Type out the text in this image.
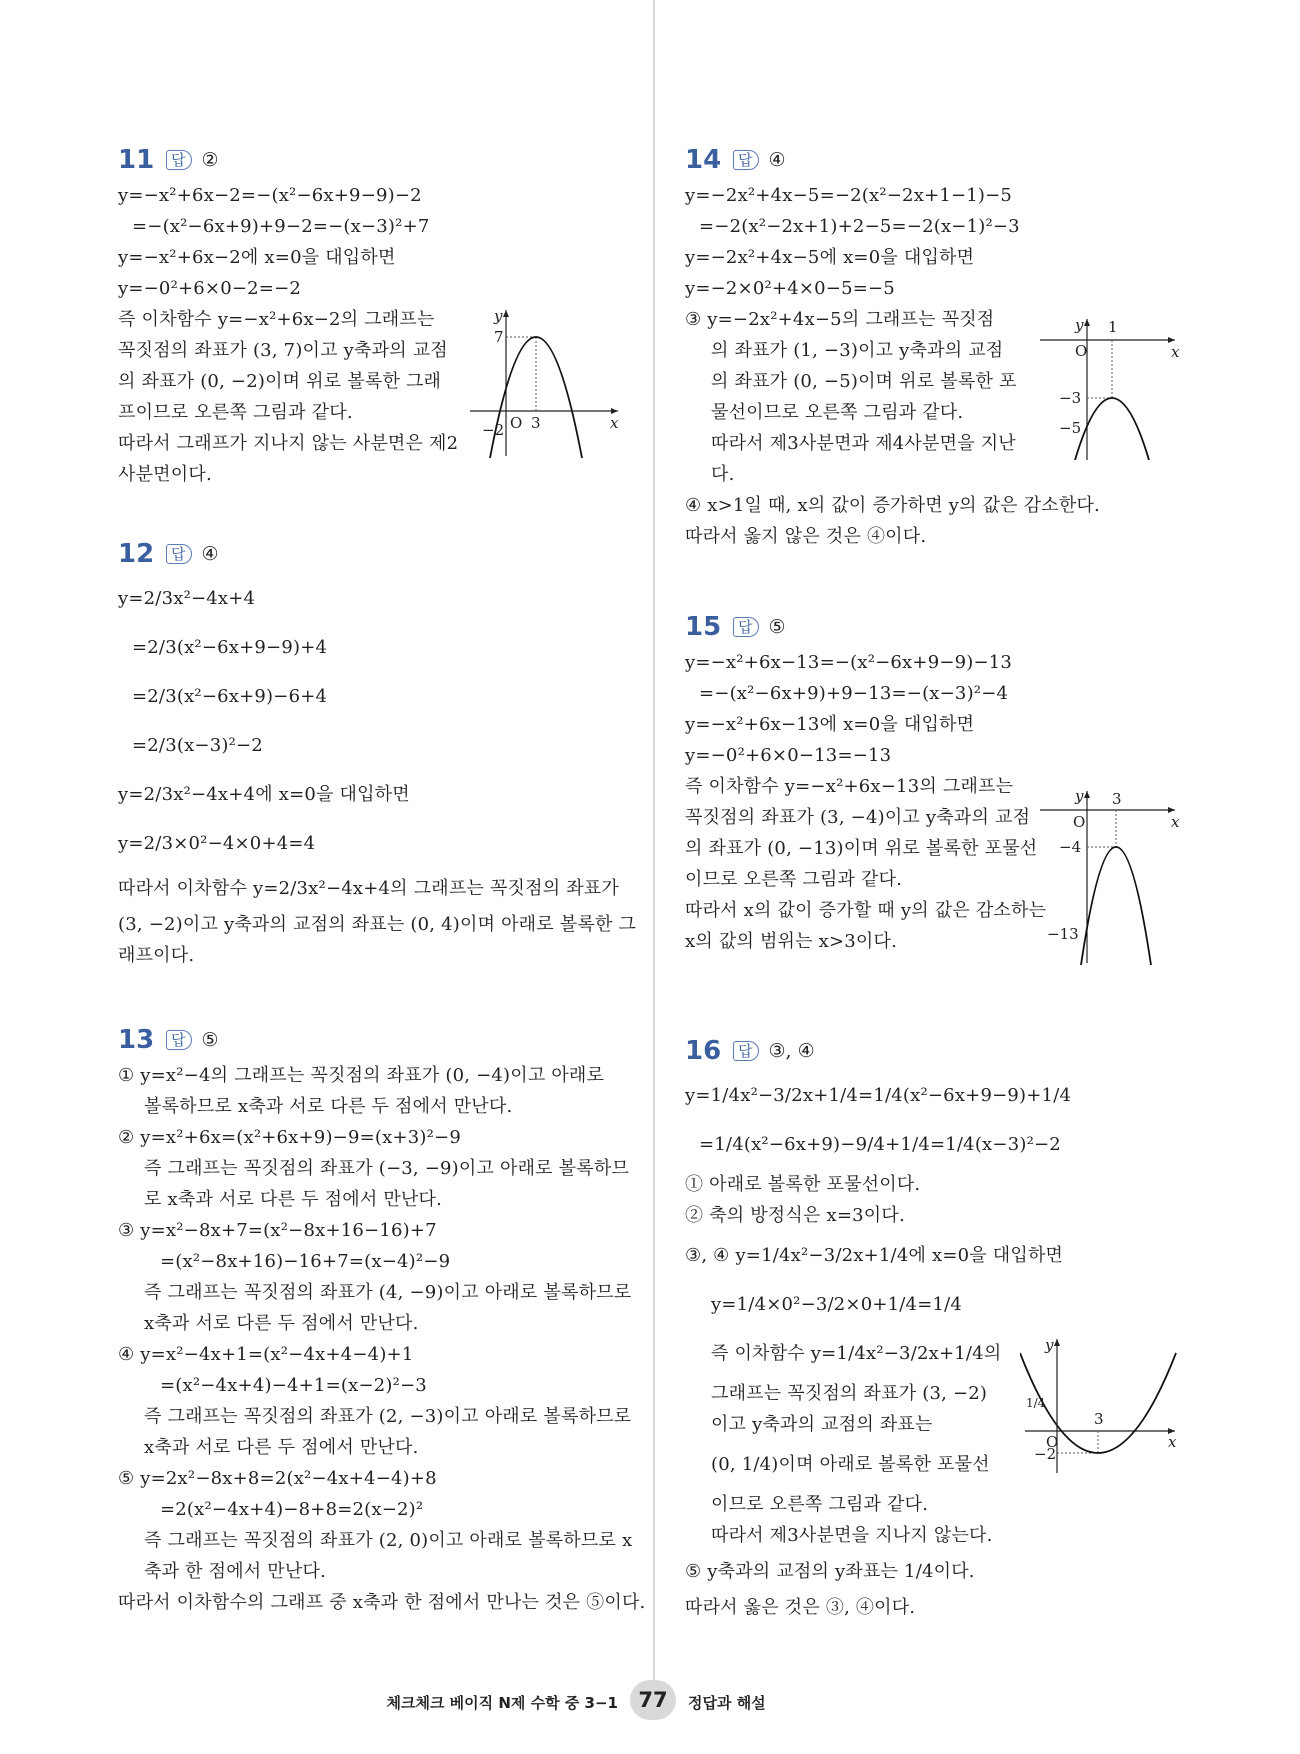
11	답 ②
y=−x²+6x−2=−(x²−6x+9−9)−2
=−(x²−6x+9)+9−2=−(x−3)²+7
y=−x²+6x−2에 x=0을 대입하면
y=−0²+6×0−2=−2
즉 이차함수 y=−x²+6x−2의 그래프는
꼭짓점의 좌표가 (3, 7)이고 y축과의 교점
의 좌표가 (0, −2)이며 위로 볼록한 그래
프이므로 오른쪽 그림과 같다.
따라서 그래프가 지나지 않는 사분면은 제2
사분면이다.
y
x
O 3
7
−2
12	답 ④
y=2/3x²−4x+4
=2/3(x²−6x+9−9)+4
=2/3(x²−6x+9)−6+4
=2/3(x−3)²−2
y=2/3x²−4x+4에 x=0을 대입하면
y=2/3×0²−4×0+4=4
따라서 이차함수 y=2/3x²−4x+4의 그래프는 꼭짓점의 좌표가
(3, −2)이고 y축과의 교점의 좌표는 (0, 4)이며 아래로 볼록한 그
래프이다.
13	답 ⑤
① y=x²−4의 그래프는 꼭짓점의 좌표가 (0, −4)이고 아래로
볼록하므로 x축과 서로 다른 두 점에서 만난다.
② y=x²+6x=(x²+6x+9)−9=(x+3)²−9
즉 그래프는 꼭짓점의 좌표가 (−3, −9)이고 아래로 볼록하므
로 x축과 서로 다른 두 점에서 만난다.
③ y=x²−8x+7=(x²−8x+16−16)+7
=(x²−8x+16)−16+7=(x−4)²−9
즉 그래프는 꼭짓점의 좌표가 (4, −9)이고 아래로 볼록하므로
x축과 서로 다른 두 점에서 만난다.
④ y=x²−4x+1=(x²−4x+4−4)+1
=(x²−4x+4)−4+1=(x−2)²−3
즉 그래프는 꼭짓점의 좌표가 (2, −3)이고 아래로 볼록하므로
x축과 서로 다른 두 점에서 만난다.
⑤ y=2x²−8x+8=2(x²−4x+4−4)+8
=2(x²−4x+4)−8+8=2(x−2)²
즉 그래프는 꼭짓점의 좌표가 (2, 0)이고 아래로 볼록하므로 x
축과 한 점에서 만난다.
따라서 이차함수의 그래프 중 x축과 한 점에서 만나는 것은 ⑤이다.
14	답 ④
y=−2x²+4x−5=−2(x²−2x+1−1)−5
=−2(x²−2x+1)+2−5=−2(x−1)²−3
y=−2x²+4x−5에 x=0을 대입하면
y=−2×0²+4×0−5=−5
③ y=−2x²+4x−5의 그래프는 꼭짓점
의 좌표가 (1, −3)이고 y축과의 교점
의 좌표가 (0, −5)이며 위로 볼록한 포
물선이므로 오른쪽 그림과 같다.
따라서 제3사분면과 제4사분면을 지난
다.
④ x>1일 때, x의 값이 증가하면 y의 값은 감소한다.
따라서 옳지 않은 것은 ④이다.
y
x
O
1
−3
−5
15	답 ⑤
y=−x²+6x−13=−(x²−6x+9−9)−13
=−(x²−6x+9)+9−13=−(x−3)²−4
y=−x²+6x−13에 x=0을 대입하면
y=−0²+6×0−13=−13
즉 이차함수 y=−x²+6x−13의 그래프는
꼭짓점의 좌표가 (3, −4)이고 y축과의 교점
의 좌표가 (0, −13)이며 위로 볼록한 포물선
이므로 오른쪽 그림과 같다.
따라서 x의 값이 증가할 때 y의 값은 감소하는
x의 값의 범위는 x>3이다.
y
x
O
3
−4
−13
16	답 ③, ④
y=1/4x²−3/2x+1/4=1/4(x²−6x+9−9)+1/4
=1/4(x²−6x+9)−9/4+1/4=1/4(x−3)²−2
① 아래로 볼록한 포물선이다.
② 축의 방정식은 x=3이다.
③, ④ y=1/4x²−3/2x+1/4에 x=0을 대입하면
y=1/4×0²−3/2×0+1/4=1/4
즉 이차함수 y=1/4x²−3/2x+1/4의
그래프는 꼭짓점의 좌표가 (3, −2)
이고 y축과의 교점의 좌표는
(0, 1/4)이며 아래로 볼록한 포물선
이므로 오른쪽 그림과 같다.
따라서 제3사분면을 지나지 않는다.
⑤ y축과의 교점의 y좌표는 1/4이다.
따라서 옳은 것은 ③, ④이다.
y
x
O
3
1/4
−2
체크체크 베이직 N제 수학 중 3−1 77	정답과 해설
